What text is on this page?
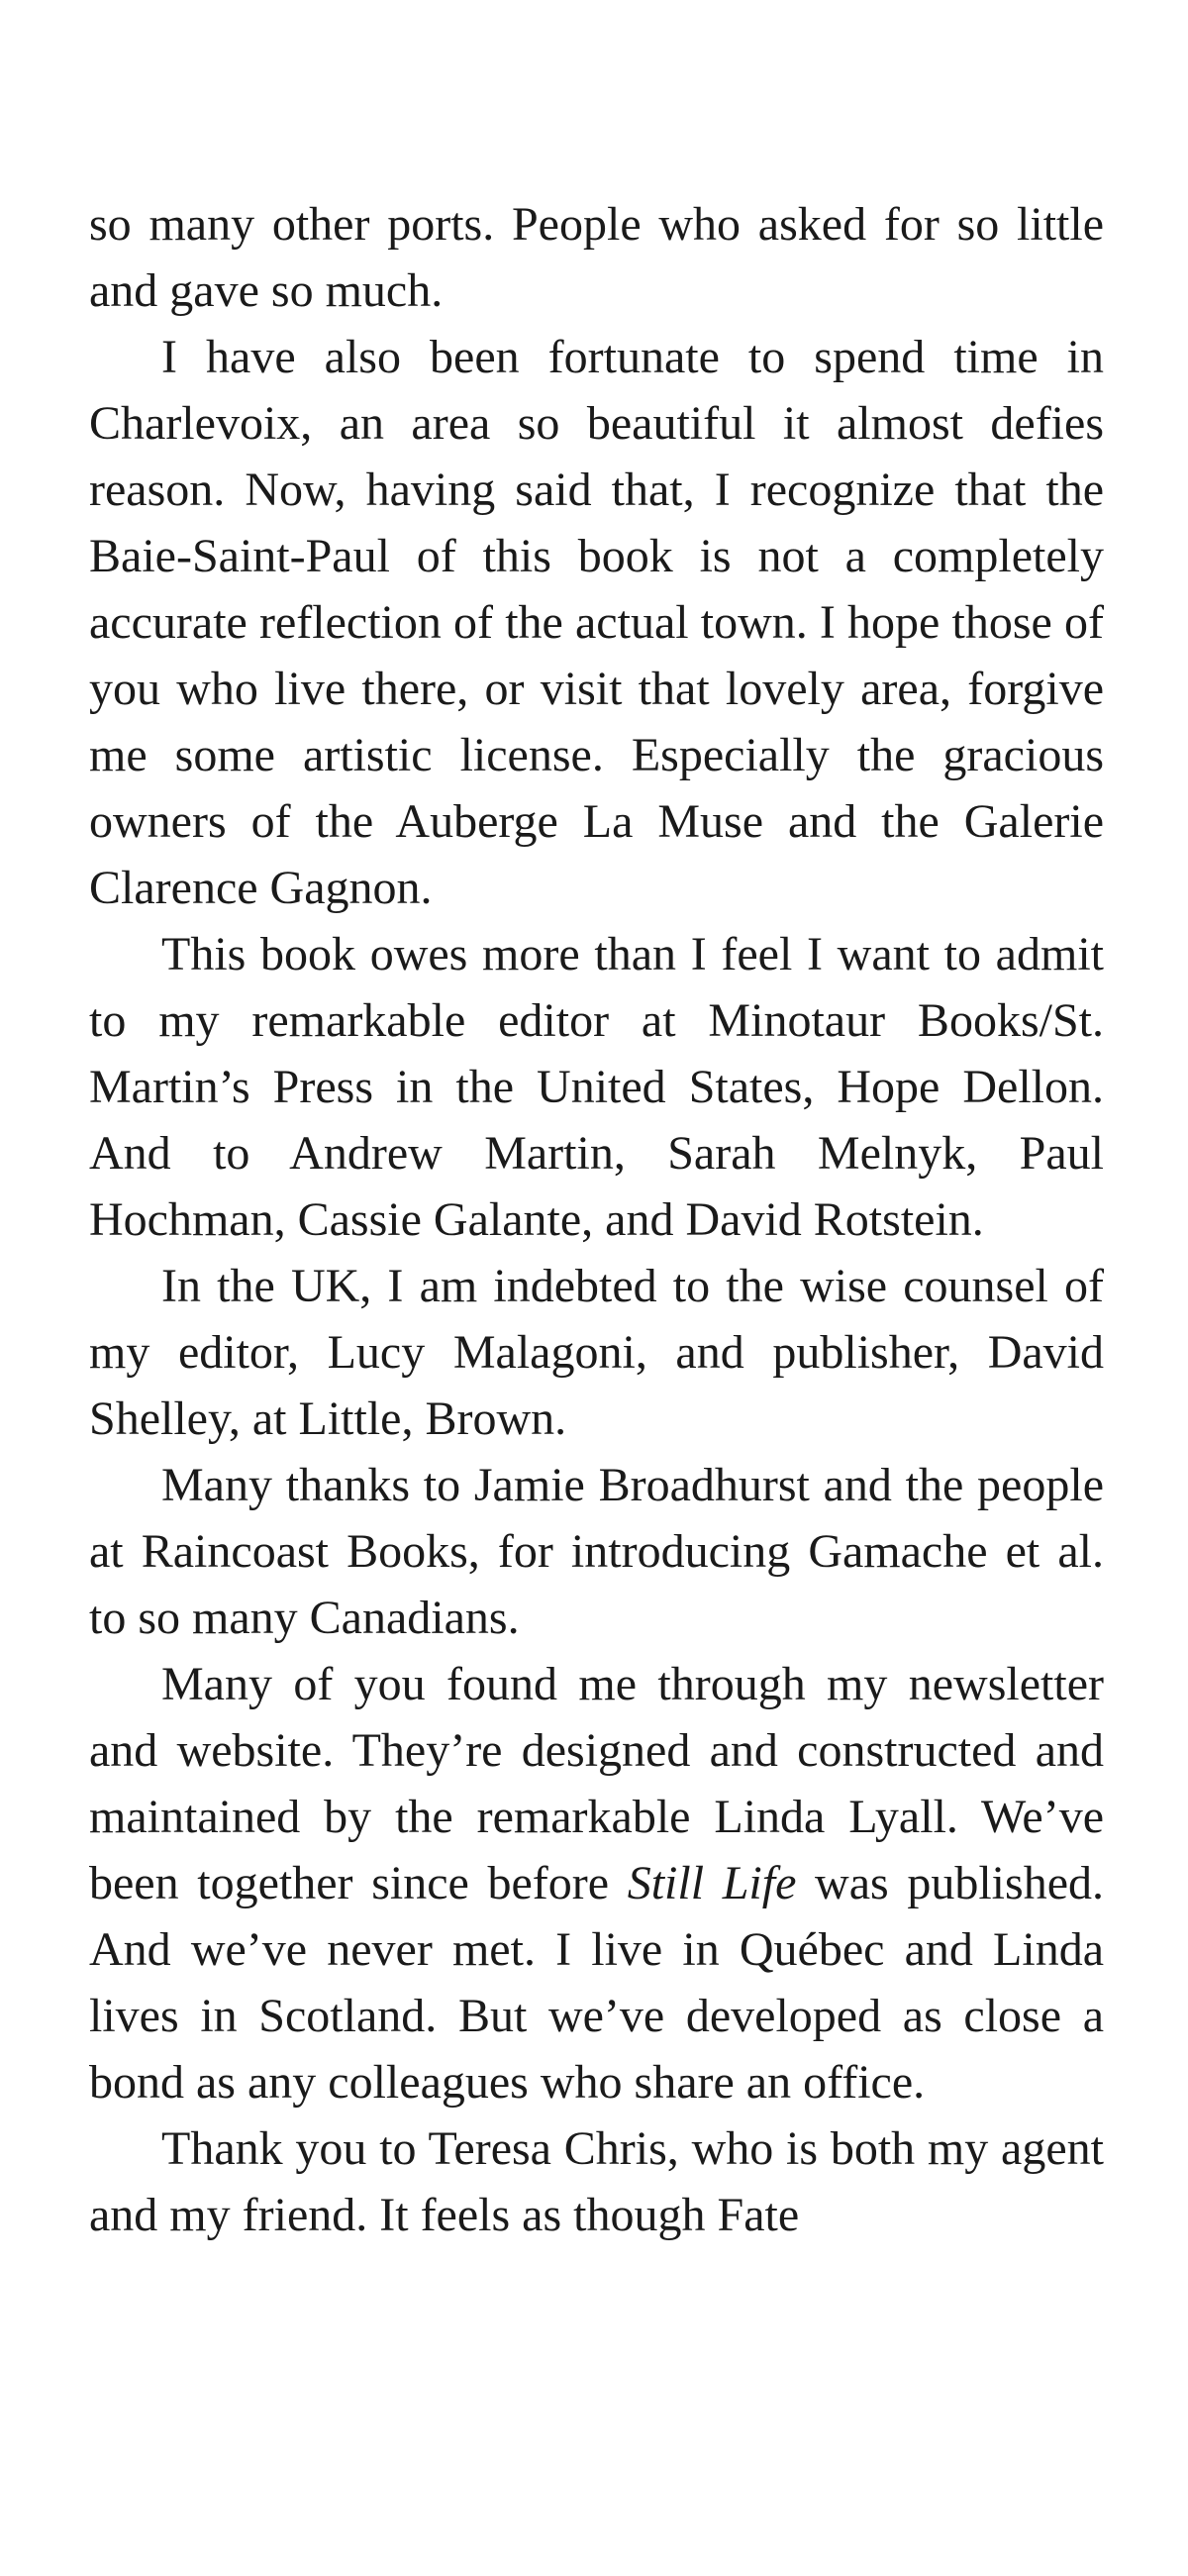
so many other ports. People who asked for so little and gave so much.

I have also been fortunate to spend time in Charlevoix, an area so beautiful it almost defies reason. Now, having said that, I recognize that the Baie-Saint-Paul of this book is not a completely accurate reflection of the actual town. I hope those of you who live there, or visit that lovely area, forgive me some artistic license. Especially the gracious owners of the Auberge La Muse and the Galerie Clarence Gagnon.

This book owes more than I feel I want to admit to my remarkable editor at Minotaur Books/St. Martin’s Press in the United States, Hope Dellon. And to Andrew Martin, Sarah Melnyk, Paul Hochman, Cassie Galante, and David Rotstein.

In the UK, I am indebted to the wise counsel of my editor, Lucy Malagoni, and publisher, David Shelley, at Little, Brown.

Many thanks to Jamie Broadhurst and the people at Raincoast Books, for introducing Gamache et al. to so many Canadians.

Many of you found me through my newsletter and website. They’re designed and constructed and maintained by the remarkable Linda Lyall. We’ve been together since before Still Life was published. And we’ve never met. I live in Québec and Linda lives in Scotland. But we’ve developed as close a bond as any colleagues who share an office.

Thank you to Teresa Chris, who is both my agent and my friend. It feels as though Fate
